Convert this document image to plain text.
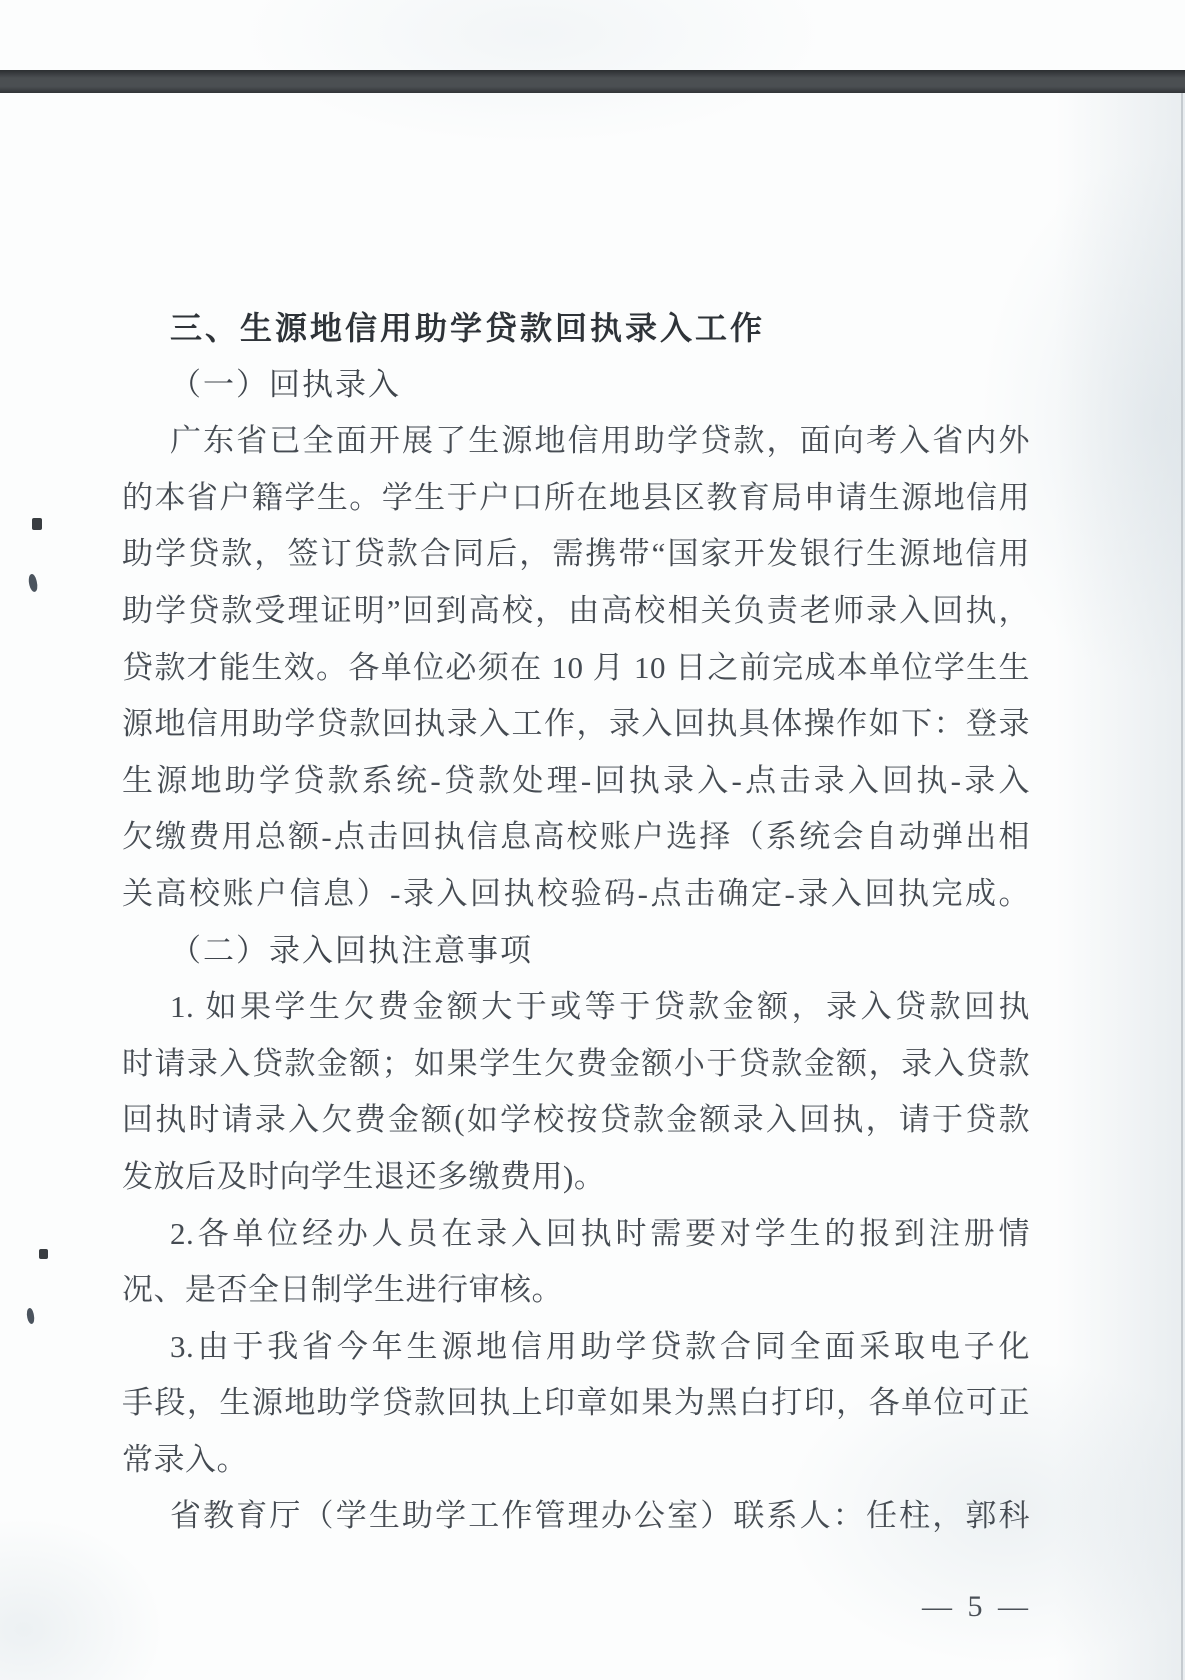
三、生源地信用助学贷款回执录入工作
（一）回执录入
广东省已全面开展了生源地信用助学贷款，面向考入省内外
的本省户籍学生。学生于户口所在地县区教育局申请生源地信用
助学贷款，签订贷款合同后，需携带“国家开发银行生源地信用
助学贷款受理证明”回到高校，由高校相关负责老师录入回执，
贷款才能生效。各单位必须在 10 月 10 日之前完成本单位学生生
源地信用助学贷款回执录入工作，录入回执具体操作如下：登录
生源地助学贷款系统-贷款处理-回执录入-点击录入回执-录入
欠缴费用总额-点击回执信息高校账户选择（系统会自动弹出相
关高校账户信息）-录入回执校验码-点击确定-录入回执完成。
（二）录入回执注意事项
1. 如果学生欠费金额大于或等于贷款金额，录入贷款回执
时请录入贷款金额；如果学生欠费金额小于贷款金额，录入贷款
回执时请录入欠费金额(如学校按贷款金额录入回执，请于贷款
发放后及时向学生退还多缴费用)。
2.各单位经办人员在录入回执时需要对学生的报到注册情
况、是否全日制学生进行审核。
3.由于我省今年生源地信用助学贷款合同全面采取电子化
手段，生源地助学贷款回执上印章如果为黑白打印，各单位可正
常录入。
省教育厅（学生助学工作管理办公室）联系人：任柱，郭科
— 5 —
